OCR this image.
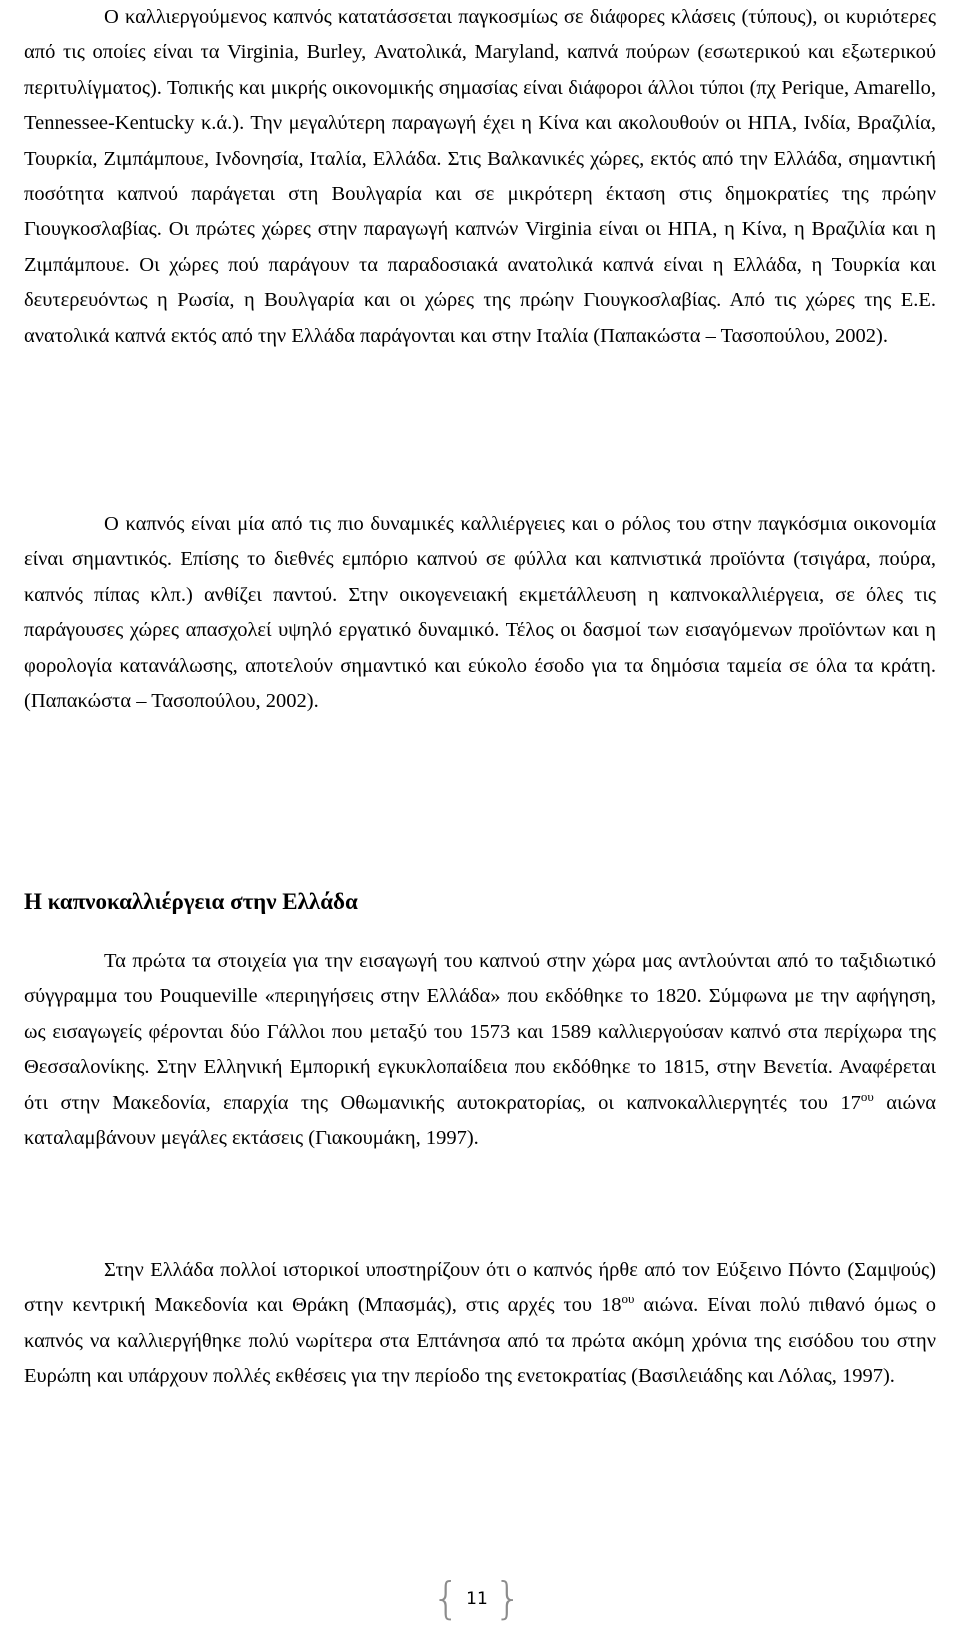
Ο καλλιεργούμενος καπνός κατατάσσεται παγκοσμίως σε διάφορες κλάσεις (τύπους), οι κυριότερες από τις οποίες είναι τα Virginia, Burley, Ανατολικά, Maryland, καπνά πούρων (εσωτερικού και εξωτερικού περιτυλίγματος). Τοπικής και μικρής οικονομικής σημασίας είναι διάφοροι άλλοι τύποι (πχ Perique, Amarello, Tennessee-Kentucky κ.ά.). Την μεγαλύτερη παραγωγή έχει η Κίνα και ακολουθούν οι ΗΠΑ, Ινδία, Βραζιλία, Τουρκία, Ζιμπάμπουε, Ινδονησία, Ιταλία, Ελλάδα. Στις Βαλκανικές χώρες, εκτός από την Ελλάδα, σημαντική ποσότητα καπνού παράγεται στη Βουλγαρία και σε μικρότερη έκταση στις δημοκρατίες της πρώην Γιουγκοσλαβίας. Οι πρώτες χώρες στην παραγωγή καπνών Virginia είναι οι ΗΠΑ, η Κίνα, η Βραζιλία και η Ζιμπάμπουε. Οι χώρες πού παράγουν τα παραδοσιακά ανατολικά καπνά είναι η Ελλάδα, η Τουρκία και δευτερευόντως η Ρωσία, η Βουλγαρία και οι χώρες της πρώην Γιουγκοσλαβίας. Από τις χώρες της Ε.Ε. ανατολικά καπνά εκτός από την Ελλάδα παράγονται και στην Ιταλία (Παπακώστα – Τασοπούλου, 2002).

Ο καπνός είναι μία από τις πιο δυναμικές καλλιέργειες και ο ρόλος του στην παγκόσμια οικονομία είναι σημαντικός. Επίσης το διεθνές εμπόριο καπνού σε φύλλα και καπνιστικά προϊόντα (τσιγάρα, πούρα, καπνός πίπας κλπ.) ανθίζει παντού. Στην οικογενειακή εκμετάλλευση η καπνοκαλλιέργεια, σε όλες τις παράγουσες χώρες απασχολεί υψηλό εργατικό δυναμικό. Τέλος οι δασμοί των εισαγόμενων προϊόντων και η φορολογία κατανάλωσης, αποτελούν σημαντικό και εύκολο έσοδο για τα δημόσια ταμεία σε όλα τα κράτη. (Παπακώστα – Τασοπούλου, 2002).

Η καπνοκαλλιέργεια στην Ελλάδα

Τα πρώτα τα στοιχεία για την εισαγωγή του καπνού στην χώρα μας αντλούνται από το ταξιδιωτικό σύγγραμμα του Pouqueville «περιηγήσεις στην Ελλάδα» που εκδόθηκε το 1820. Σύμφωνα με την αφήγηση, ως εισαγωγείς φέρονται δύο Γάλλοι που μεταξύ του 1573 και 1589 καλλιεργούσαν καπνό στα περίχωρα της Θεσσαλονίκης. Στην Ελληνική Εμπορική εγκυκλοπαίδεια που εκδόθηκε το 1815, στην Βενετία. Αναφέρεται ότι στην Μακεδονία, επαρχία της Οθωμανικής αυτοκρατορίας, οι καπνοκαλλιεργητές του $17^{o\upsilon}$ αιώνα καταλαμβάνουν μεγάλες εκτάσεις (Γιακουμάκη, 1997).

Στην Ελλάδα πολλοί ιστορικοί υποστηρίζουν ότι ο καπνός ήρθε από τον Εύξεινο Πόντο (Σαμψούς) στην κεντρική Μακεδονία και Θράκη (Μπασμάς), στις αρχές του $18^{o\upsilon}$ αιώνα. Είναι πολύ πιθανό όμως ο καπνός να καλλιεργήθηκε πολύ νωρίτερα στα Επτάνησα από τα πρώτα ακόμη χρόνια της εισόδου του στην Ευρώπη και υπάρχουν πολλές εκθέσεις για την περίοδο της ενετοκρατίας (Βασιλειάδης και Λόλας, 1997).

{ 11 }
